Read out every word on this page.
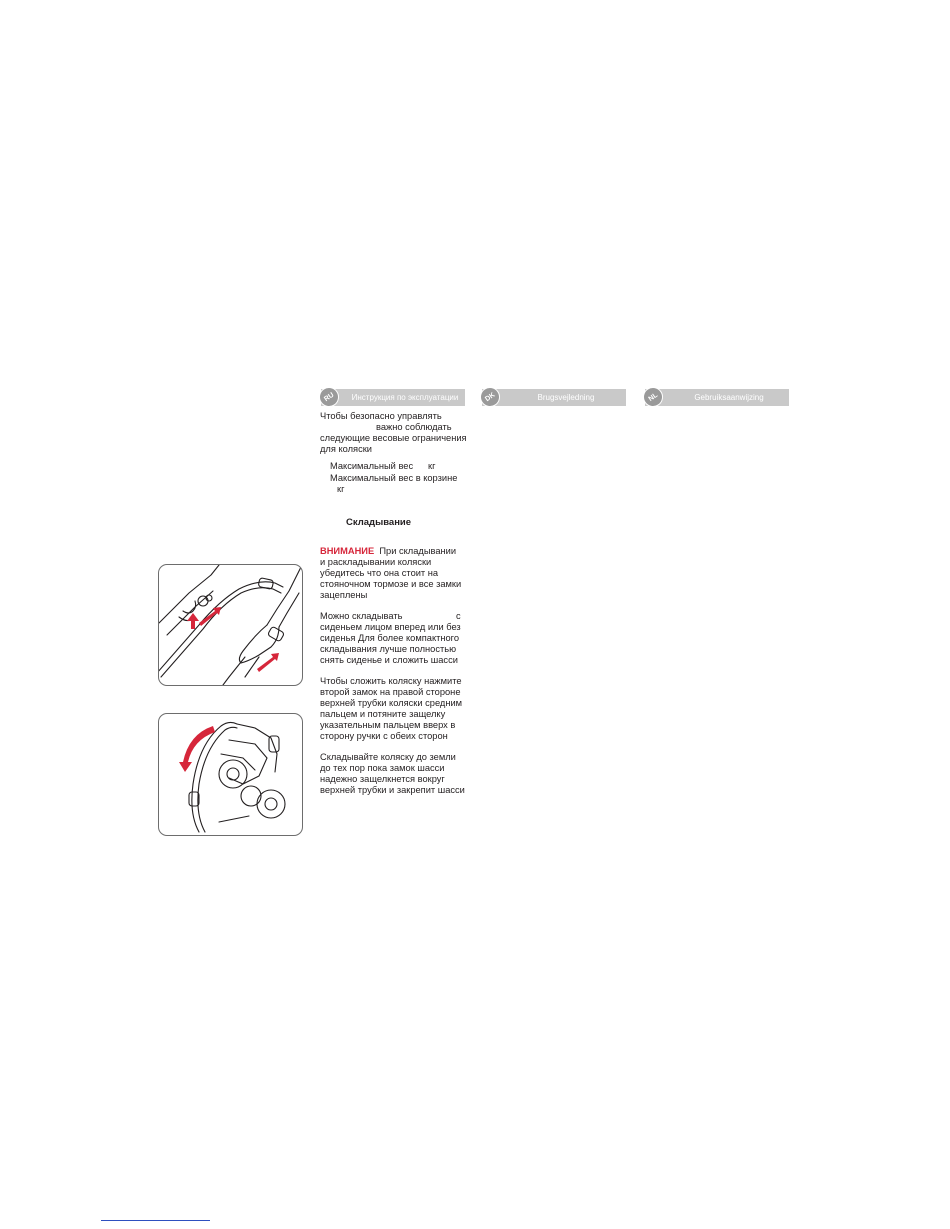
RU	Инструкция по эксплуатации	DK	Brugsvejledning	NL	Gebruiksaanwijzing
Чтобы безопасно управлять
важно соблюдать
следующие весовые ограничения
для коляски
Максимальный вес кг
Максимальный вес в корзине
кг
Складывание
ВНИМАНИЕ При складывании
и раскладывании коляски
убедитесь что она стоит на
стояночном тормозе и все замки
зацеплены
Можно складывать	с
сиденьем лицом вперед или без
сиденья Для более компактного
складывания лучше полностью
снять сиденье и сложить шасси
Чтобы сложить коляску нажмите
второй замок на правой стороне
верхней трубки коляски средним
пальцем и потяните защелку
указательным пальцем вверх в
сторону ручки с обеих сторон
Складывайте коляску до земли
до тех пор пока замок шасси
надежно защелкнется вокруг
верхней трубки и закрепит шасси
